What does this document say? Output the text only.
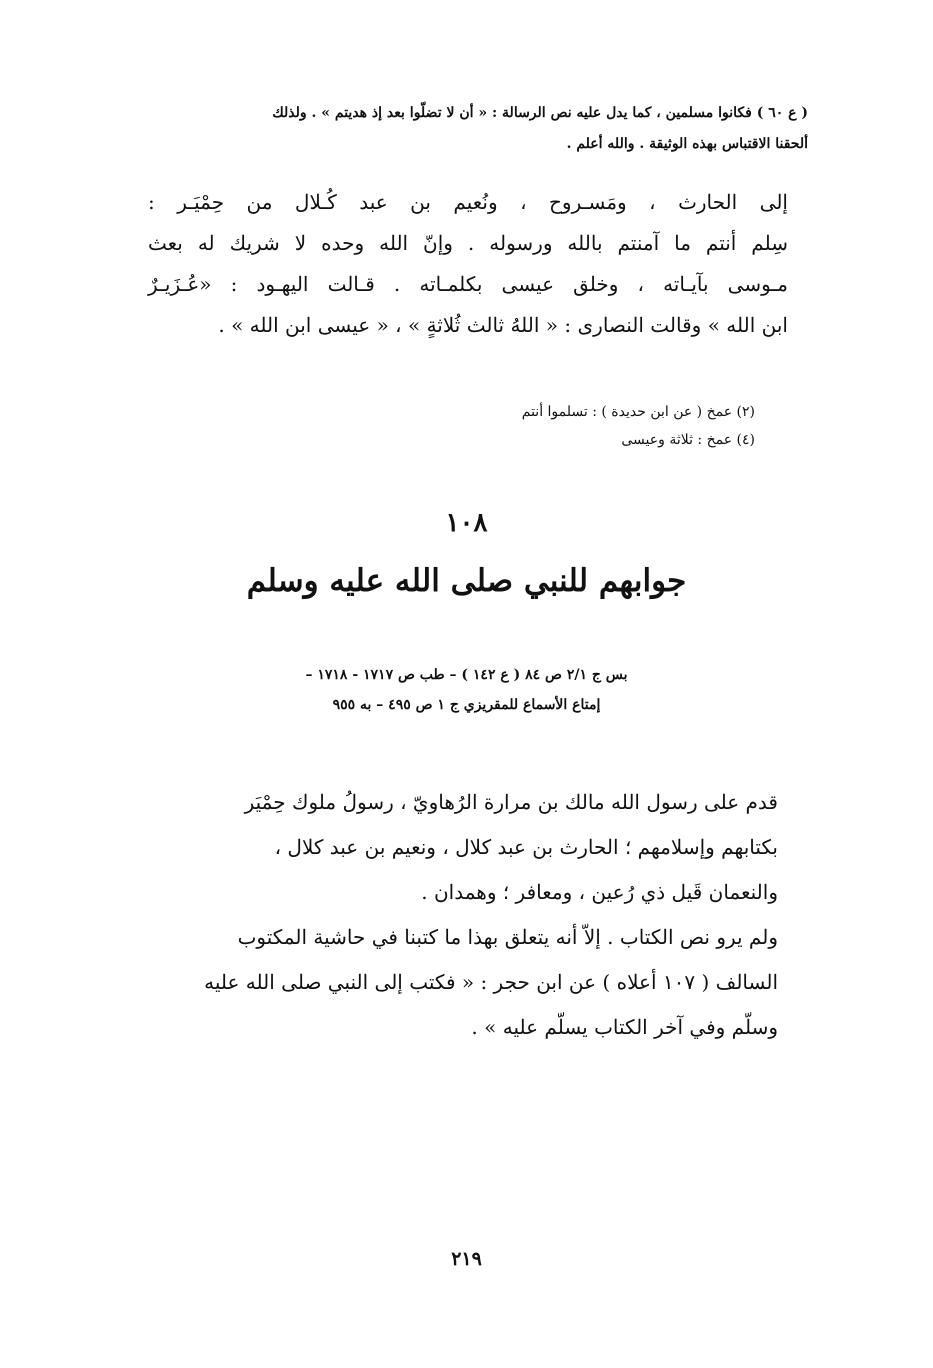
( ع ٦٠ ) فكانوا مسلمين ، كما يدل عليه نص الرسالة : « أن لا تضلّوا بعد إذ هديتم » . ولذلك

ألحقنا الاقتباس بهذه الوثيقة . والله أعلم .

إلى الحارث ، ومَسـروح ، ونُعيم بن عبد كُـلال من حِمْيَـر :

سِلم أنتم ما آمنتم بالله ورسوله . وإنّ الله وحده لا شريك له بعث

مـوسى بآيـاته ، وخلق عيسى بكلمـاته . قـالت اليهـود : «عُـزَيـرٌ

ابن الله » وقالت النصارى : « اللهُ ثالث ثُلاثةٍ » ، « عيسى ابن الله » .

(٢) عمخ ( عن ابن حديدة ) : تسلموا أنتم

(٤) عمخ : ثلاثة وعيسى

١٠٨
جوابهم للنبي صلى الله عليه وسلم

بس ج ٢/١ ص ٨٤ ( ع ١٤٢ ) – طب ص ١٧١٧ - ١٧١٨ –

إمتاع الأسماع للمقريزي ج ١ ص ٤٩٥ – به ٩٥٥

قدم على رسول الله مالك بن مرارة الرُهاويّ ، رسولُ ملوك حِمْيَر

بكتابهم وإسلامهم ؛ الحارث بن عبد كلال ، ونعيم بن عبد كلال ،

والنعمان قَيل ذي رُعين ، ومعافر ؛ وهمدان .

ولم يرو نص الكتاب . إلاّ أنه يتعلق بهذا ما كتبنا في حاشية المكتوب

السالف ( ١٠٧ أعلاه ) عن ابن حجر : « فكتب إلى النبي صلى الله عليه

وسلّم وفي آخر الكتاب يسلّم عليه » .

٢١٩
